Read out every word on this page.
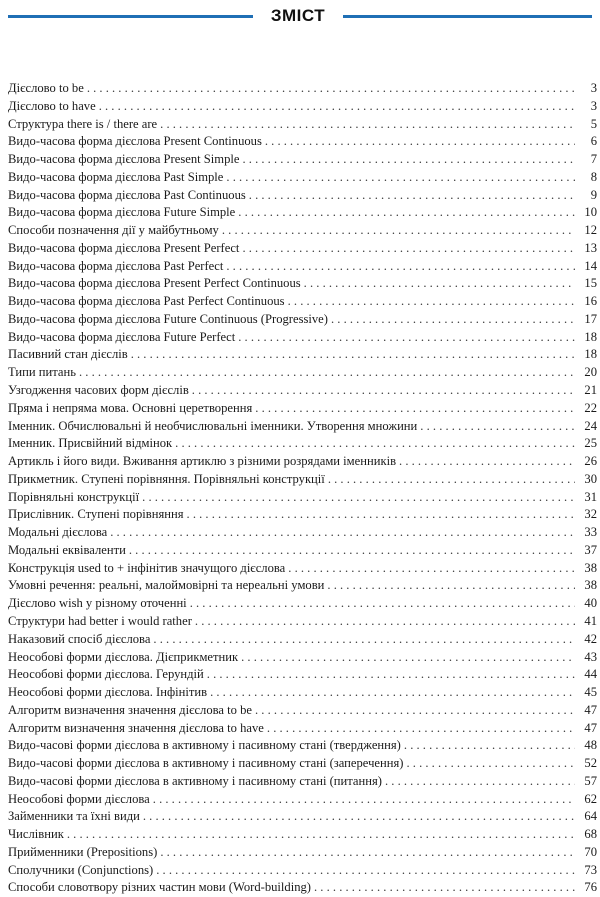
ЗМІСТ
Дієслово to be . . .	3
Дієслово to have . . .	3
Структура there is / there are . . .	5
Видо-часова форма дієслова Present Continuous . . .	6
Видо-часова форма дієслова Present Simple . . .	7
Видо-часова форма дієслова Past Simple . . .	8
Видо-часова форма дієслова Past Continuous . . .	9
Видо-часова форма дієслова Future Simple . . .	10
Способи позначення дії у майбутньому . . .	12
Видо-часова форма дієслова Present Perfect . . .	13
Видо-часова форма дієслова Past Perfect . . .	14
Видо-часова форма дієслова Present Perfect Continuous . . .	15
Видо-часова форма дієслова Past Perfect Continuous . . .	16
Видо-часова форма дієслова Future Continuous (Progressive) . . .	17
Видо-часова форма дієслова Future Perfect . . .	18
Пасивний стан дієслів . . .	18
Типи питань . . .	20
Узгодження часових форм дієслів . . .	21
Пряма і непряма мова. Основні цеpетворення . . .	22
Іменник. Обчислювальні й необчислювальні іменники. Утворення множини . . .	24
Іменник. Присвійний відмінок . . .	25
Артикль і його види. Вживання артиклю з різними розрядами іменників . . .	26
Прикметник. Ступені порівняння. Порівняльні конструкції . . .	30
Порівняльні конструкції . . .	31
Прислівник. Ступені порівняння . . .	32
Модальні дієслова . . .	33
Модальні еквіваленти . . .	37
Конструкція used to + інфінітив значущого дієслова . . .	38
Умовні речення: реальні, малоймовірні та нереальні умови . . .	38
Дієслово wish у різному оточенні . . .	40
Структури had better і would rather . . .	41
Наказовий спосіб дієслова . . .	42
Неособові форми дієслова. Дієприкметник . . .	43
Неособові форми дієслова. Герундій . . .	44
Неособові форми дієслова. Інфінітив . . .	45
Алгоритм визначення значення дієслова to be . . .	47
Алгоритм визначення значення дієслова to have . . .	47
Видо-часові форми дієслова в активному і пасивному стані (твердження) . . .	48
Видо-часові форми дієслова в активному і пасивному стані (заперечення) . . .	52
Видо-часові форми дієслова в активному і пасивному стані (питання) . . .	57
Неособові форми дієслова . . .	62
Займенники та їхні види . . .	64
Числівник . . .	68
Прийменники (Prepositions) . . .	70
Сполучники (Conjunctions) . . .	73
Способи словотвору різних частин мови (Word-building) . . .	76
